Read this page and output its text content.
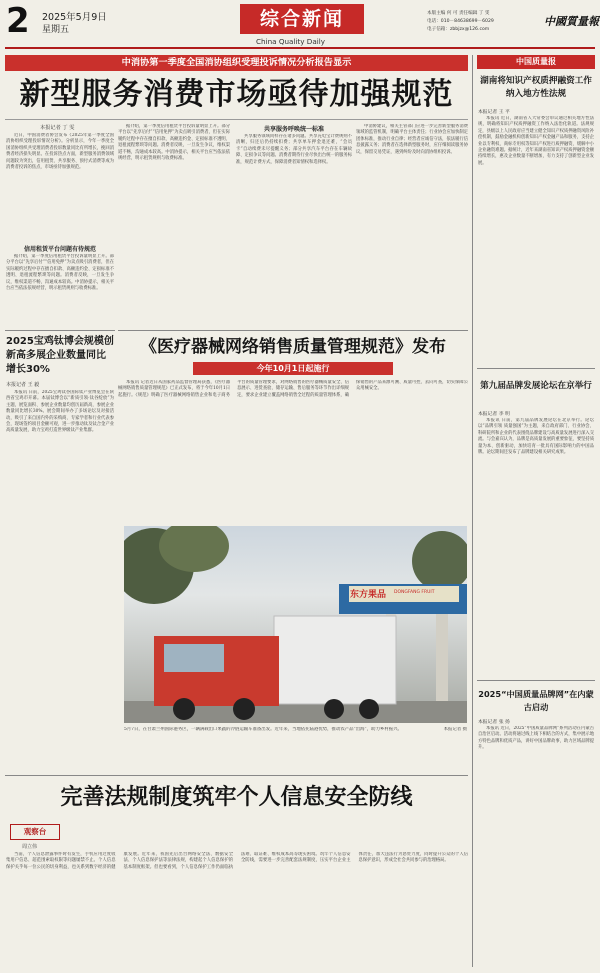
2 2025年5月9日
星期五	综合新闻
China Quality Daily
本版主编 何 可 责任编辑 丁 雯
电话：010－84638699－6029
电子信箱：zbbjzx@126.com
中國質量報
中消协第一季度全国消协组织受理投诉情况分析报告显示
新型服务消费市场亟待加强规范
本报记者 丁 雯

近日，中国消费者协会发布《2025年第一季度全国消协组织受理投诉情况分析》。分析显示，今年一季度全国消协组织共受理消费者投诉数量同比有所增长，挽回消费者经济损失明显。在投诉热点方面，新型服务消费领域问题较为突出，信用租赁、共享服务、预付式消费等成为消费者投诉的焦点，市场亟待加强规范。

信用租赁平台问题有待规范

据介绍，第一季度信用租赁平台投诉量明显上升。部分平台以“先享后付”“信用免押”为卖点吸引消费者，但在实际履约过程中存在擅自扣款、高额违约金、定损标准不透明、退租流程繁琐等问题。消费者反映，一旦发生争议，维权渠道不畅，沟通成本较高。中消协提示，相关平台应当依法依规经营，明示租赁规则与收费标准。

据介绍，第一季度信用租赁平台投诉量明显上升。部分平台以“先享后付”“信用免押”为卖点吸引消费者，但在实际履约过程中存在擅自扣款、高额违约金、定损标准不透明、退租流程繁琐等问题。消费者反映，一旦发生争议，维权渠道不畅，沟通成本较高。中消协提示，相关平台应当依法依规经营，明示租赁规则与收费标准。

共享服务呼唤统一标准

共享服务领域同样存在诸多问题。共享充电宝计费规则不清晰，归还后仍持续扣费；共享单车押金退还难，“会员卡”自动续费未尽提醒义务；部分共享汽车平台存在车辆故障、定损争议等问题。消费者期待行业尽快出台统一的服务标准，规范计费方式，保障消费者知情权和选择权。

中消协建议，相关主管部门应进一步完善新型服务消费领域的监管机制，明确平台主体责任；行业协会应加快制定团体标准，推动行业自律；经营者应诚信守法，依法履行信息披露义务；消费者在选择新型服务时，应仔细阅读服务协议，保留交易凭证，遇到纠纷及时向消协组织投诉。

2025宝鸡钛博会规模创新高多展企业数量同比增长30%
本报记者 王 毅

本报讯 日前，2025宝鸡钛谷国际钛产业博览会在陕西省宝鸡市开幕。本届钛博会以“新质引领·钛谷绽放”为主题，展览面积、参展企业数量均创历届新高，参展企业数量同比增长30%。展会期间举办了多场论坛及对接活动，吸引了来自国内外的采购商、专家学者和行业代表参会，现场签约项目金额可观，进一步推动钛及钛合金产业高质量发展，助力宝鸡打造世界级钛产业集群。

《医疗器械网络销售质量管理规范》发布
今年10月1日起施行

本报讯 记者近日从国家药品监督管理局获悉，《医疗器械网络销售质量管理规范》已正式发布，将于今年10月1日起施行。《规范》明确了医疗器械网络销售企业和电子商务平台的质量管理要求，对网络销售的医疗器械质量安全、信息展示、进货查验、储存运输、售后服务等环节作出详细规定，要求企业建立覆盖网络销售全过程的质量管理体系，确保销售的产品来源可溯、质量可控、去向可查，切实保障公众用械安全。

东方果品 DONGFANG FRUIT
5月7日，在甘肃兰州国际港务区，一辆满载出口果蔬的冷链运输车准备出发。近年来，当地依托陆港优势，推动农产品“出海”，助力乡村振兴。	本报记者 摄
完善法规制度筑牢个人信息安全防线
观察台
周立伟

当前，个人信息泄露事件时有发生，手机应用过度收集用户信息、超范围索取权限等问题屡禁不止。个人信息保护关乎每一位公民的切身利益，也关系到数字经济的健康发展。近年来，我国先后出台网络安全法、数据安全法、个人信息保护法等法律法规，构建起个人信息保护的基本制度框架。但也要看到，个人信息保护工作仍面临执法难、取证难、维权成本高等现实困境。筑牢个人信息安全防线，需要进一步完善配套法规制度，压实平台企业主体责任，加大违法行为惩处力度，同时提升公众的个人信息保护意识，形成全社会共同参与的治理格局。

中国质量报
湖南将知识产权质押融资工作纳入地方性法规
本报记者 王 平

本报讯 近日，湖南省人大常委会审议通过相关地方性法规，明确将知识产权质押融资工作纳入法治化轨道。法规规定，县级以上人民政府应当建立健全知识产权质押融资风险补偿机制，鼓励金融机构创新知识产权金融产品和服务，支持企业以专利权、商标专用权等知识产权进行质押融资，缓解中小企业融资难题。据统计，近年来湖南省知识产权质押融资金额持续增长，惠及企业数量不断增加，有力支持了创新型企业发展。

第九届品牌发展论坛在京举行
本报记者 李 明

本报讯 日前，第九届品牌发展论坛在北京举行。论坛以“品牌引领 质量强国”为主题，来自政府部门、行业协会、科研院所和企业的代表围绕品牌建设与高质量发展进行深入交流。与会嘉宾认为，品牌是高质量发展的重要象征，要坚持质量为本、创新驱动，加快培育一批具有国际影响力的中国品牌。论坛期间还发布了品牌建设相关研究成果。

2025“中国质量品牌网”在内蒙古启动
本报记者 张 扬

本报讯 近日，2025“中国质量品牌网”系列活动在内蒙古自治区启动。活动将通过线上线下相结合的方式，集中展示地方特色品牌和优质产品，讲好中国品牌故事，助力区域品牌提升。
